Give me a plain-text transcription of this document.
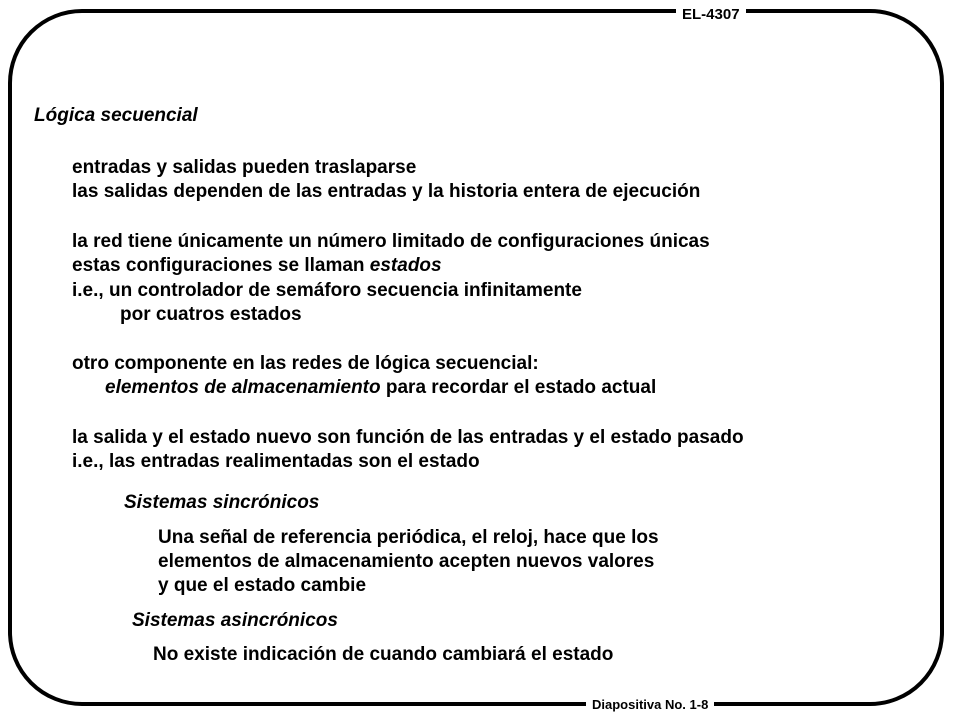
EL-4307
Diapositiva No. 1-8
Lógica secuencial
entradas y salidas pueden traslaparse
las salidas dependen de las entradas y la historia entera de ejecución
la red tiene únicamente un número limitado de configuraciones únicas
estas configuraciones se llaman estados
i.e., un controlador de semáforo secuencia infinitamente
por cuatros estados
otro componente en las redes de lógica secuencial:
elementos de almacenamiento para recordar el estado actual
la salida y el estado nuevo son función de las entradas y el estado pasado
i.e., las entradas realimentadas son el estado
Sistemas sincrónicos
Una señal de referencia periódica, el reloj, hace que los
elementos de almacenamiento acepten nuevos valores
y que el estado cambie
Sistemas asincrónicos
No existe indicación de cuando cambiará el estado
